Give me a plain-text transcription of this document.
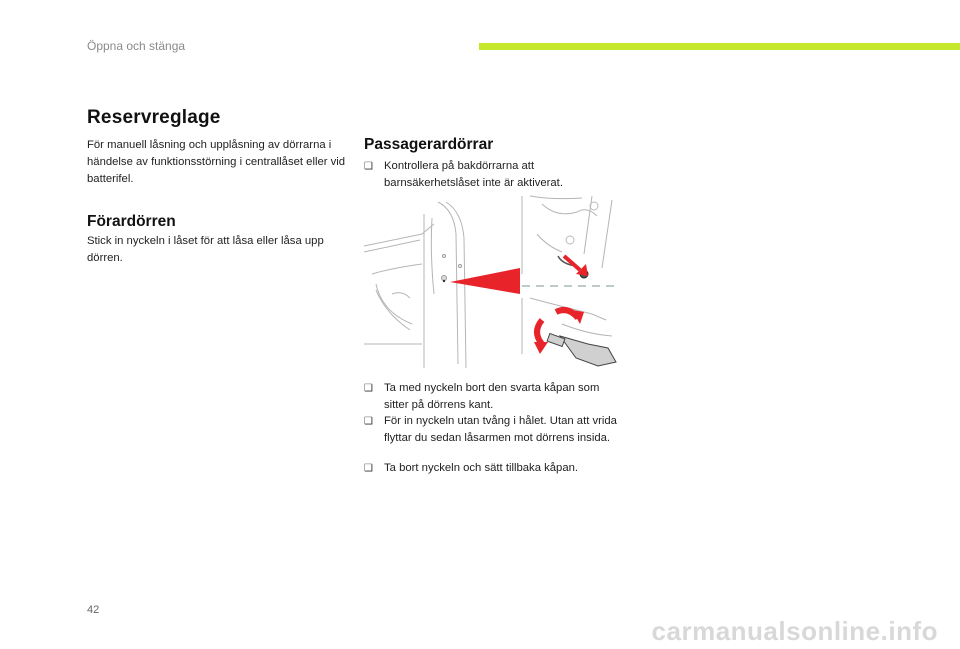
Öppna och stänga
Reservreglage
För manuell låsning och upplåsning av dörrarna i händelse av funktionsstörning i centrallåset eller vid batterifel.
Förardörren
Stick in nyckeln i låset för att låsa eller låsa upp dörren.
Passagerardörrar
❑ Kontrollera på bakdörrarna att barnsäkerhetslåset inte är aktiverat.
❑ Ta med nyckeln bort den svarta kåpan som sitter på dörrens kant.
❑ För in nyckeln utan tvång i hålet. Utan att vrida flyttar du sedan låsarmen mot dörrens insida.
❑ Ta bort nyckeln och sätt tillbaka kåpan.
42
carmanualsonline.info
